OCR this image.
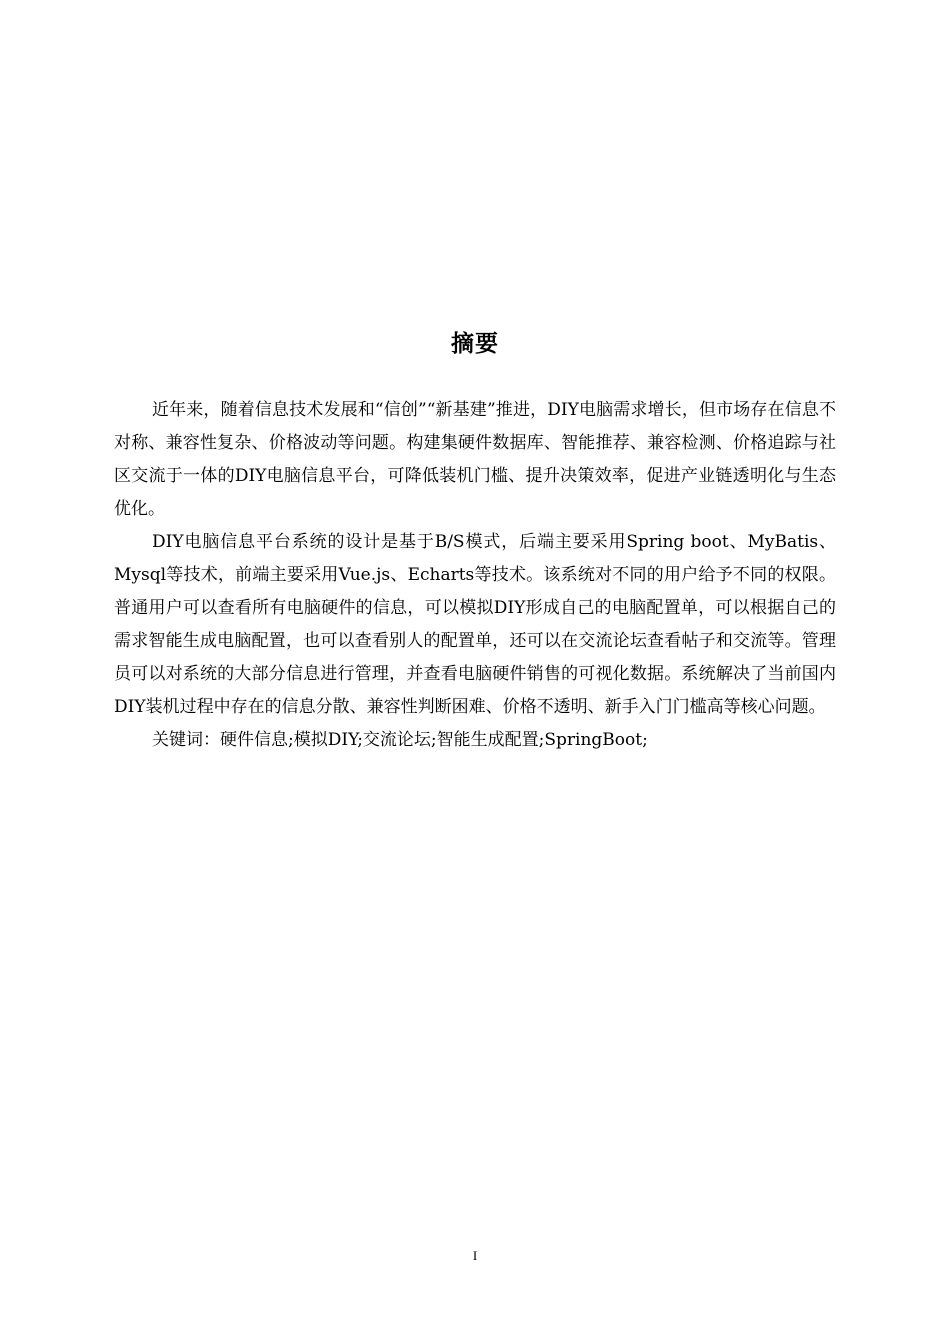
摘要

近年来，随着信息技术发展和“信创”“新基建”推进，DIY电脑需求增长，但市场存在信息不对称、兼容性复杂、价格波动等问题。构建集硬件数据库、智能推荐、兼容检测、价格追踪与社区交流于一体的DIY电脑信息平台，可降低装机门槛、提升决策效率，促进产业链透明化与生态优化。

DIY电脑信息平台系统的设计是基于B/S模式，后端主要采用Spring boot、MyBatis、Mysql等技术，前端主要采用Vue.js、Echarts等技术。该系统对不同的用户给予不同的权限。普通用户可以查看所有电脑硬件的信息，可以模拟DIY形成自己的电脑配置单，可以根据自己的需求智能生成电脑配置，也可以查看别人的配置单，还可以在交流论坛查看帖子和交流等。管理员可以对系统的大部分信息进行管理，并查看电脑硬件销售的可视化数据。系统解决了当前国内DIY装机过程中存在的信息分散、兼容性判断困难、价格不透明、新手入门门槛高等核心问题。

关键词：硬件信息;模拟DIY;交流论坛;智能生成配置;SpringBoot;

I
